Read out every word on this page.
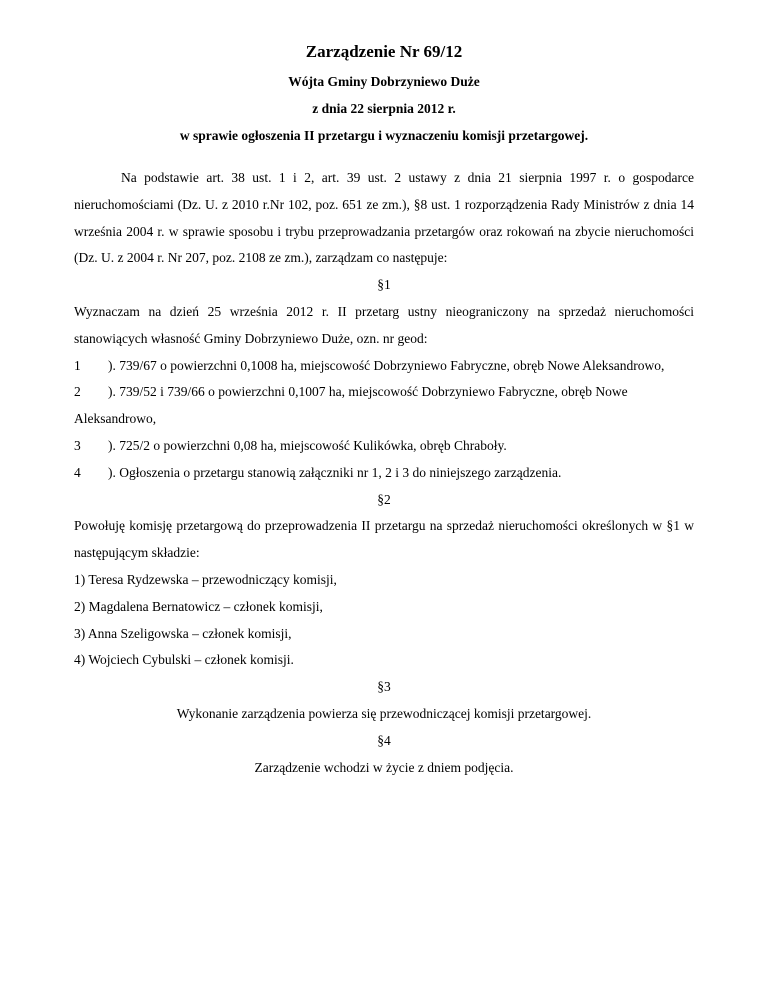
Zarządzenie Nr 69/12

Wójta Gminy Dobrzyniewo Duże

z dnia 22 sierpnia 2012 r.

w sprawie ogłoszenia II przetargu i wyznaczeniu komisji przetargowej.

Na podstawie art. 38 ust. 1 i 2, art. 39 ust. 2 ustawy z dnia 21 sierpnia 1997 r. o gospodarce nieruchomościami (Dz. U. z 2010 r.Nr 102, poz. 651 ze zm.), §8 ust. 1 rozporządzenia Rady Ministrów z dnia 14 września 2004 r. w sprawie sposobu i trybu przeprowadzania przetargów oraz rokowań na zbycie nieruchomości (Dz. U. z 2004 r. Nr 207, poz. 2108 ze zm.), zarządzam co następuje:

§1

Wyznaczam na dzień 25 września 2012 r. II przetarg ustny nieograniczony na sprzedaż nieruchomości stanowiących własność Gminy Dobrzyniewo Duże, ozn. nr geod:

1 ). 739/67 o powierzchni 0,1008 ha, miejscowość Dobrzyniewo Fabryczne, obręb Nowe Aleksandrowo,
2 ). 739/52 i 739/66 o powierzchni 0,1007 ha, miejscowość Dobrzyniewo Fabryczne, obręb Nowe Aleksandrowo,
3	). 725/2 o powierzchni 0,08 ha, miejscowość Kulikówka, obręb Chraboły.
4	). Ogłoszenia o przetargu stanowią załączniki nr 1, 2 i 3 do niniejszego zarządzenia.

§2

Powołuję komisję przetargową do przeprowadzenia II przetargu na sprzedaż nieruchomości określonych w §1 w następującym składzie:

1) Teresa Rydzewska – przewodniczący komisji,

2) Magdalena Bernatowicz – członek komisji,

3) Anna Szeligowska – członek komisji,

4) Wojciech Cybulski – członek komisji.

§3

Wykonanie zarządzenia powierza się przewodniczącej komisji przetargowej.

§4

Zarządzenie wchodzi w życie z dniem podjęcia.
